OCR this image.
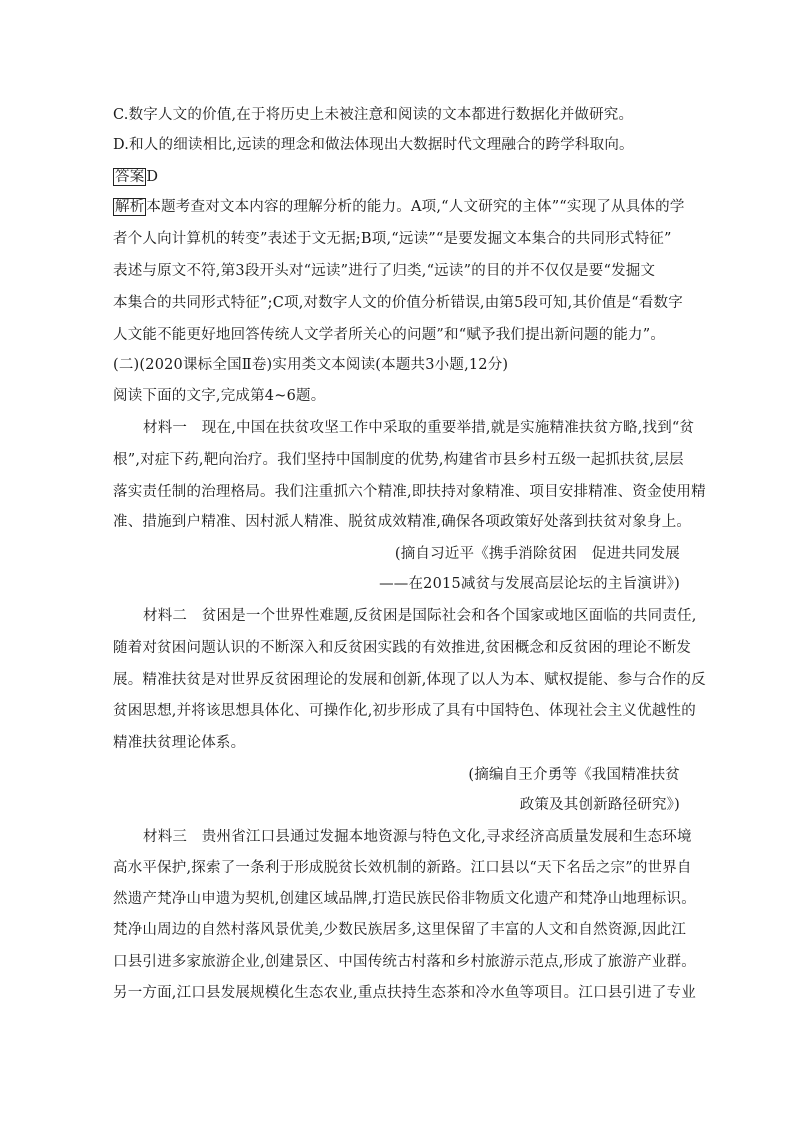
C.数字人文的价值,在于将历史上未被注意和阅读的文本都进行数据化并做研究。
D.和人的细读相比,远读的理念和做法体现出大数据时代文理融合的跨学科取向。
答案 D
解析 本题考查对文本内容的理解分析的能力。A项,“人文研究的主体”“实现了从具体的学
者个人向计算机的转变”表述于文无据;B项,“远读”“是要发掘文本集合的共同形式特征”
表述与原文不符,第3段开头对“远读”进行了归类,“远读”的目的并不仅仅是要“发掘文
本集合的共同形式特征”;C项,对数字人文的价值分析错误,由第5段可知,其价值是“看数字
人文能不能更好地回答传统人文学者所关心的问题”和“赋予我们提出新问题的能力”。
(二)(2020课标全国Ⅱ卷)实用类文本阅读(本题共3小题,12分)
阅读下面的文字,完成第4~6题。
材料一　现在,中国在扶贫攻坚工作中采取的重要举措,就是实施精准扶贫方略,找到“贫
根”,对症下药,靶向治疗。我们坚持中国制度的优势,构建省市县乡村五级一起抓扶贫,层层
落实责任制的治理格局。我们注重抓六个精准,即扶持对象精准、项目安排精准、资金使用精
准、措施到户精准、因村派人精准、脱贫成效精准,确保各项政策好处落到扶贫对象身上。
(摘自习近平《携手消除贫困　促进共同发展
——在2015减贫与发展高层论坛的主旨演讲》)
材料二　贫困是一个世界性难题,反贫困是国际社会和各个国家或地区面临的共同责任,
随着对贫困问题认识的不断深入和反贫困实践的有效推进,贫困概念和反贫困的理论不断发
展。精准扶贫是对世界反贫困理论的发展和创新,体现了以人为本、赋权提能、参与合作的反
贫困思想,并将该思想具体化、可操作化,初步形成了具有中国特色、体现社会主义优越性的
精准扶贫理论体系。
(摘编自王介勇等《我国精准扶贫
政策及其创新路径研究》)
材料三　贵州省江口县通过发掘本地资源与特色文化,寻求经济高质量发展和生态环境
高水平保护,探索了一条利于形成脱贫长效机制的新路。江口县以“天下名岳之宗”的世界自
然遗产梵净山申遗为契机,创建区域品牌,打造民族民俗非物质文化遗产和梵净山地理标识。
梵净山周边的自然村落风景优美,少数民族居多,这里保留了丰富的人文和自然资源,因此江
口县引进多家旅游企业,创建景区、中国传统古村落和乡村旅游示范点,形成了旅游产业群。
另一方面,江口县发展规模化生态农业,重点扶持生态茶和冷水鱼等项目。江口县引进了专业
